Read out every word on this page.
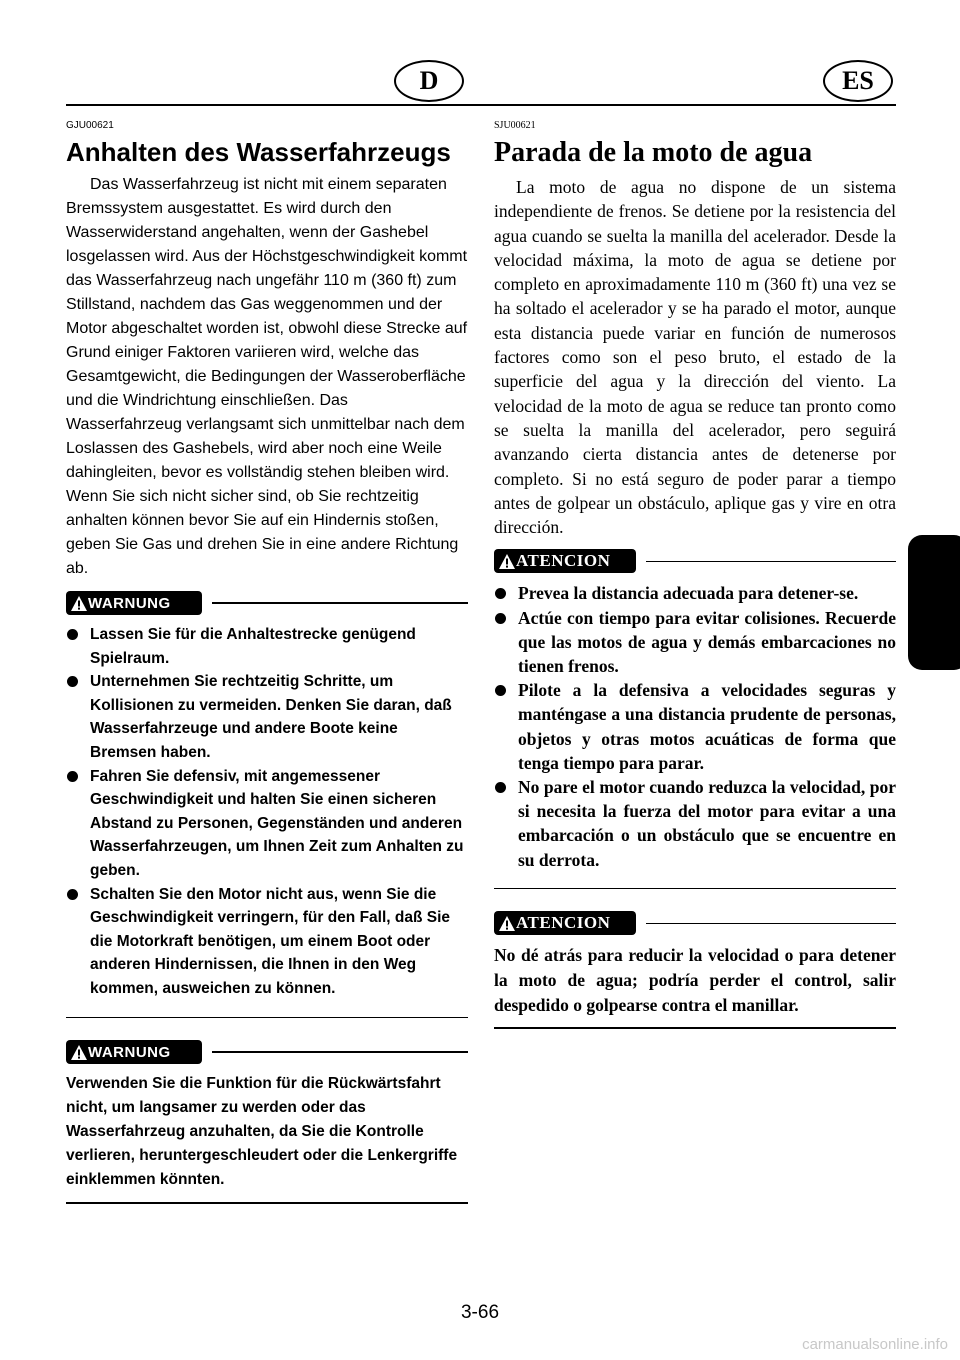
D	ES

GJU00621

Anhalten des Wasserfahrzeugs

Das Wasserfahrzeug ist nicht mit einem separaten Bremssystem ausgestattet. Es wird durch den Wasserwiderstand angehalten, wenn der Gashebel losgelassen wird. Aus der Höchstgeschwindigkeit kommt das Wasserfahrzeug nach ungefähr 110 m (360 ft) zum Stillstand, nachdem das Gas weggenommen und der Motor abgeschaltet worden ist, obwohl diese Strecke auf Grund einiger Faktoren variieren wird, welche das Gesamtgewicht, die Bedingungen der Wasseroberfläche und die Windrichtung einschließen. Das Wasserfahrzeug verlangsamt sich unmittelbar nach dem Loslassen des Gashebels, wird aber noch eine Weile dahingleiten, bevor es vollständig stehen bleiben wird. Wenn Sie sich nicht sicher sind, ob Sie rechtzeitig anhalten können bevor Sie auf ein Hindernis stoßen, geben Sie Gas und drehen Sie in eine andere Richtung ab.

WARNUNG
Lassen Sie für die Anhaltestrecke genügend Spielraum.
Unternehmen Sie rechtzeitig Schritte, um Kollisionen zu vermeiden. Denken Sie daran, daß Wasserfahrzeuge und andere Boote keine Bremsen haben.
Fahren Sie defensiv, mit angemessener Geschwindigkeit und halten Sie einen sicheren Abstand zu Personen, Gegenständen und anderen Wasserfahrzeugen, um Ihnen Zeit zum Anhalten zu geben.
Schalten Sie den Motor nicht aus, wenn Sie die Geschwindigkeit verringern, für den Fall, daß Sie die Motorkraft benötigen, um einem Boot oder anderen Hindernissen, die Ihnen in den Weg kommen, ausweichen zu können.
WARNUNG

Verwenden Sie die Funktion für die Rückwärtsfahrt nicht, um langsamer zu werden oder das Wasserfahrzeug anzuhalten, da Sie die Kontrolle verlieren, heruntergeschleudert oder die Lenkergriffe einklemmen könnten.

SJU00621

Parada de la moto de agua

La moto de agua no dispone de un sistema independiente de frenos. Se detiene por la resistencia del agua cuando se suelta la manilla del acelerador. Desde la velocidad máxima, la moto de agua se detiene por completo en aproximadamente 110 m (360 ft) una vez se ha soltado el acelerador y se ha parado el motor, aunque esta distancia puede variar en función de numerosos factores como son el peso bruto, el estado de la superficie del agua y la dirección del viento. La velocidad de la moto de agua se reduce tan pronto como se suelta la manilla del acelerador, pero seguirá avanzando cierta distancia antes de detenerse por completo. Si no está seguro de poder parar a tiempo antes de golpear un obstáculo, aplique gas y vire en otra dirección.

ATENCION
Prevea la distancia adecuada para detener-se.
Actúe con tiempo para evitar colisiones. Recuerde que las motos de agua y demás embarcaciones no tienen frenos.
Pilote a la defensiva a velocidades seguras y manténgase a una distancia prudente de personas, objetos y otras motos acuáticas de forma que tenga tiempo para parar.
No pare el motor cuando reduzca la velocidad, por si necesita la fuerza del motor para evitar a una embarcación o un obstáculo que se encuentre en su derrota.
ATENCION

No dé atrás para reducir la velocidad o para detener la moto de agua; podría perder el control, salir despedido o golpearse contra el manillar.

3-66
carmanualsonline.info
